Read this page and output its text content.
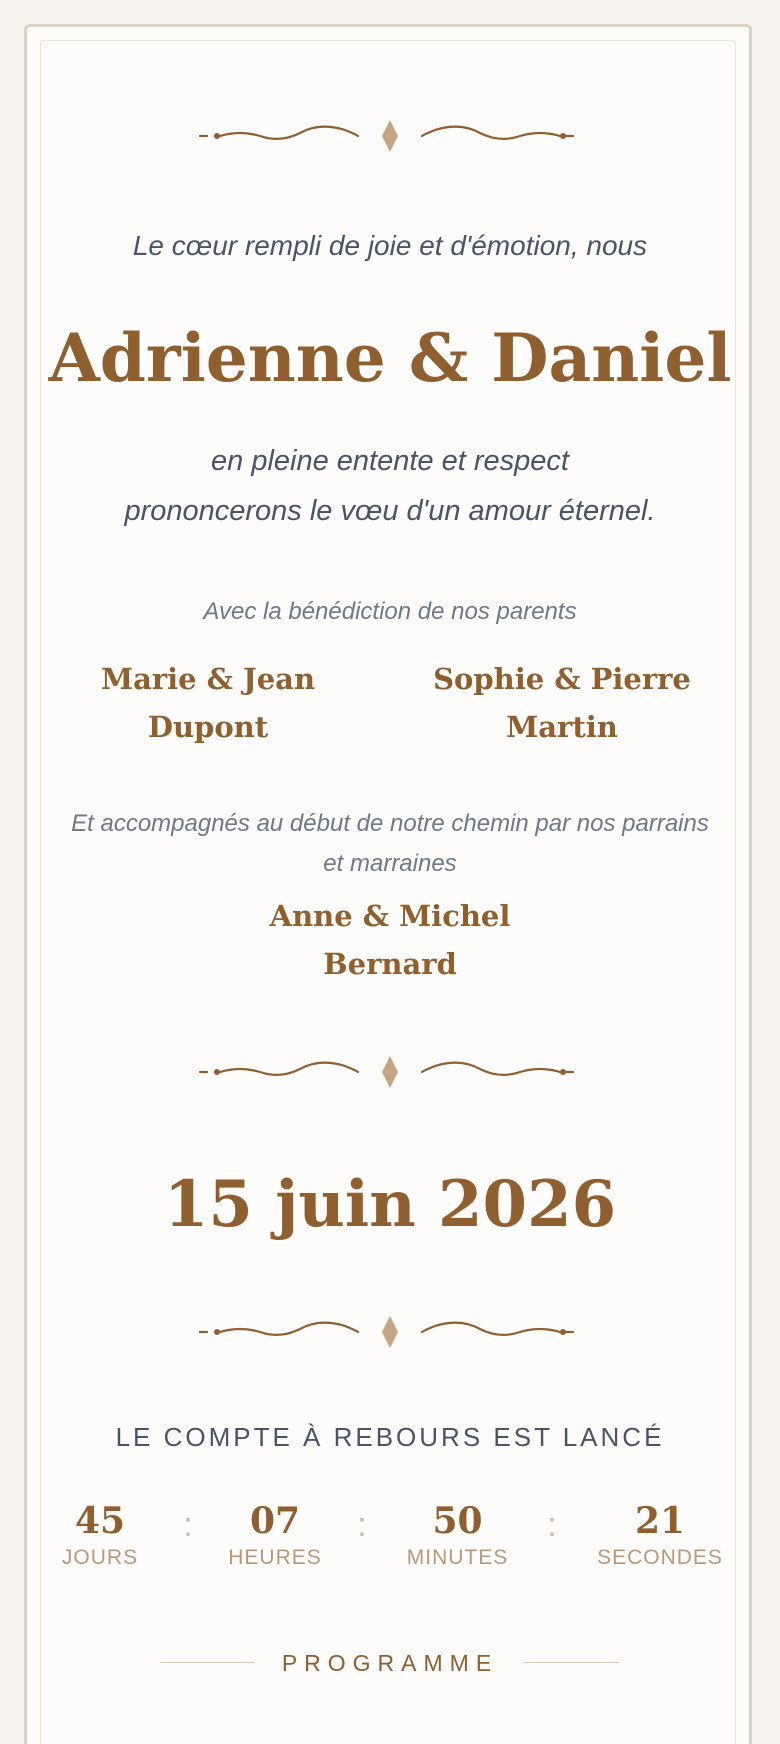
Le cœur rempli de joie et d'émotion, nous
Adrienne & Daniel
en pleine entente et respect
prononcerons le vœu d'un amour éternel.
Avec la bénédiction de nos parents
Marie & Jean
Dupont
Sophie & Pierre
Martin
Et accompagnés au début de notre chemin par nos parrains et marraines
Anne & Michel
Bernard
15 juin 2026
LE COMPTE À REBOURS EST LANCÉ
45
JOURS
:	07
HEURES
:	50
MINUTES
:	21
SECONDES
PROGRAMME
